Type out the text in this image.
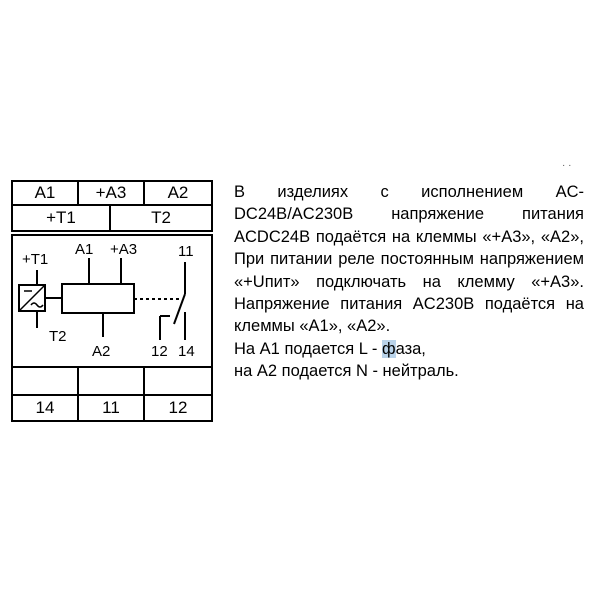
A1	+A3	A2
+T1	T2
14	11	12
+T1
A1 +A3	11
T2
A2	12 14
· ·

В изделиях с исполнением AC-DC24B/AC230B напряжение питания ACDC24B подаётся на клеммы «+А3», «А2», При питании реле постоянным напряжением «+Uпит» подключать на клемму «+А3». Напряжение питания AC230B подаётся на клеммы «А1», «А2».

На А1 подается L - фаза,

на А2 подается N - нейтраль.
